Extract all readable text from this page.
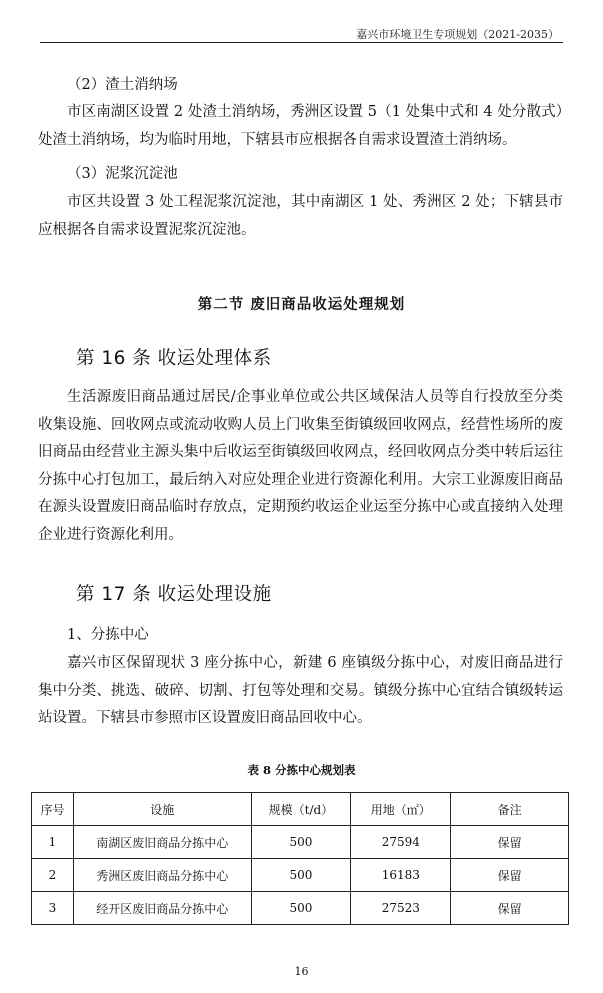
嘉兴市环境卫生专项规划（2021-2035）

（2）渣土消纳场

市区南湖区设置 2 处渣土消纳场，秀洲区设置 5（1 处集中式和 4 处分散式）处渣土消纳场，均为临时用地，下辖县市应根据各自需求设置渣土消纳场。

（3）泥浆沉淀池

市区共设置 3 处工程泥浆沉淀池，其中南湖区 1 处、秀洲区 2 处；下辖县市应根据各自需求设置泥浆沉淀池。

第二节 废旧商品收运处理规划
第 16 条 收运处理体系

生活源废旧商品通过居民/企事业单位或公共区域保洁人员等自行投放至分类收集设施、回收网点或流动收购人员上门收集至街镇级回收网点，经营性场所的废旧商品由经营业主源头集中后收运至街镇级回收网点，经回收网点分类中转后运往分拣中心打包加工，最后纳入对应处理企业进行资源化利用。大宗工业源废旧商品在源头设置废旧商品临时存放点，定期预约收运企业运至分拣中心或直接纳入处理企业进行资源化利用。

第 17 条 收运处理设施

1、分拣中心

嘉兴市区保留现状 3 座分拣中心，新建 6 座镇级分拣中心，对废旧商品进行集中分类、挑选、破碎、切割、打包等处理和交易。镇级分拣中心宜结合镇级转运站设置。下辖县市参照市区设置废旧商品回收中心。

表 8 分拣中心规划表
序号	设施	规模（t/d）	用地（㎡）	备注
1	南湖区废旧商品分拣中心	500	27594	保留
2	秀洲区废旧商品分拣中心	500	16183	保留
3	经开区废旧商品分拣中心	500	27523	保留
16
